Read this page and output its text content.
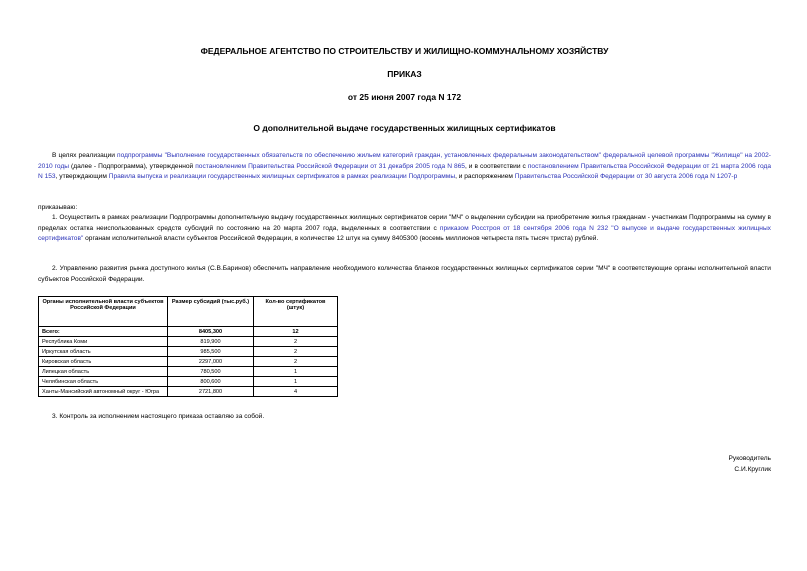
ФЕДЕРАЛЬНОЕ АГЕНТСТВО ПО СТРОИТЕЛЬСТВУ И ЖИЛИЩНО-КОММУНАЛЬНОМУ ХОЗЯЙСТВУ
ПРИКАЗ
от 25 июня 2007 года N 172
О дополнительной выдаче государственных жилищных сертификатов
В целях реализации подпрограммы "Выполнение государственных обязательств по обеспечению жильем категорий граждан, установленных федеральным законодательством" федеральной целевой программы "Жилище" на 2002-2010 годы (далее - Подпрограмма), утвержденной постановлением Правительства Российской Федерации от 31 декабря 2005 года N 865, и в соответствии с постановлением Правительства Российской Федерации от 21 марта 2006 года N 153, утверждающим Правила выпуска и реализации государственных жилищных сертификатов в рамках реализации Подпрограммы, и распоряжением Правительства Российской Федерации от 30 августа 2006 года N 1207-р
приказываю:
1. Осуществить в рамках реализации Подпрограммы дополнительную выдачу государственных жилищных сертификатов серии "МЧ" о выделении субсидии на приобретение жилья гражданам - участникам Подпрограммы на сумму в пределах остатка неиспользованных средств субсидий по состоянию на 20 марта 2007 года, выделенных в соответствии с приказом Росстроя от 18 сентября 2006 года N 232 "О выпуске и выдаче государственных жилищных сертификатов" органам исполнительной власти субъектов Российской Федерации, в количестве 12 штук на сумму 8405300 (восемь миллионов четыреста пять тысяч триста) рублей.
2. Управлению развития рынка доступного жилья (С.В.Баринов) обеспечить направление необходимого количества бланков государственных жилищных сертификатов серии "МЧ" в соответствующие органы исполнительной власти субъектов Российской Федерации.
Органы исполнительной власти субъектов Российской Федерации	Размер субсидий (тыс.руб.)	Кол-во сертификатов (штук)
Всего:	8405,300	12
Республика Коми	819,900	2
Иркутская область	985,500	2
Кировская область	2297,000	2
Липецкая область	780,500	1
Челябинская область	800,600	1
Ханты-Мансийский автономный округ - Югра	2721,800	4
3. Контроль за исполнением настоящего приказа оставляю за собой.
Руководитель
С.И.Круглик
